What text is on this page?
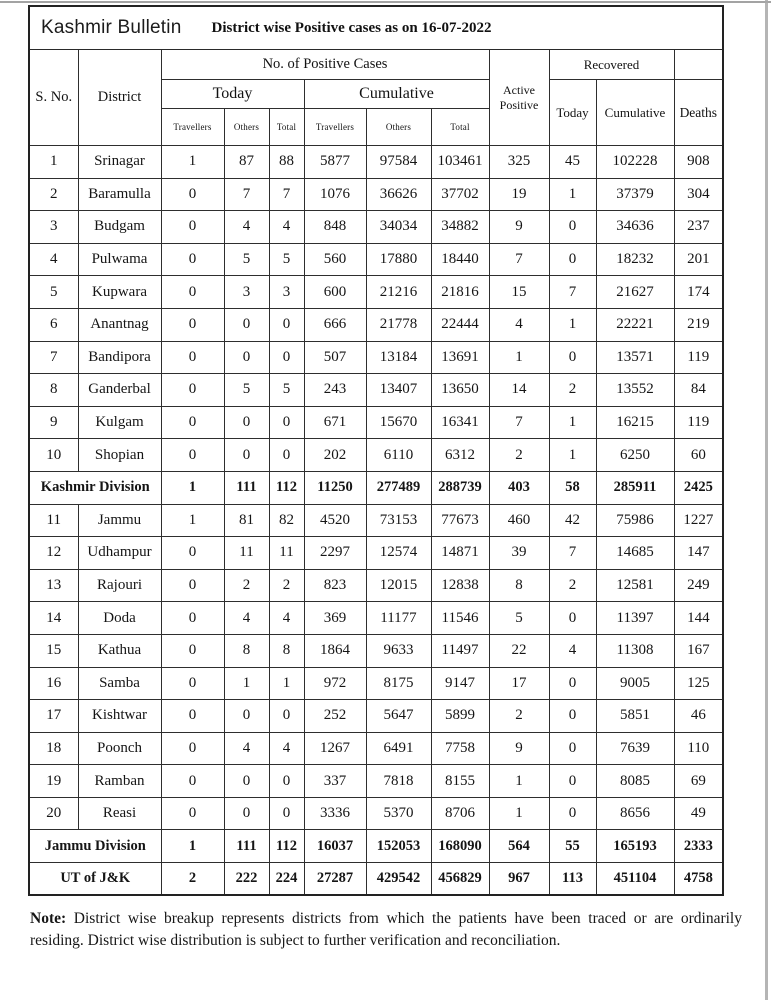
Kashmir Bulletin District wise Positive cases as on 16-07-2022											

S. No.	District	No. of Positive Cases						Active Positive	Recovered		
		Today			Cumulative				Today	Cumulative	Deaths
		Travellers	Others	Total	Travellers	Others	Total				
1	Srinagar	1	87	88	5877	97584	103461	325	45	102228	908
2	Baramulla	0	7	7	1076	36626	37702	19	1	37379	304
3	Budgam	0	4	4	848	34034	34882	9	0	34636	237
4	Pulwama	0	5	5	560	17880	18440	7	0	18232	201
5	Kupwara	0	3	3	600	21216	21816	15	7	21627	174
6	Anantnag	0	0	0	666	21778	22444	4	1	22221	219
7	Bandipora	0	0	0	507	13184	13691	1	0	13571	119
8	Ganderbal	0	5	5	243	13407	13650	14	2	13552	84
9	Kulgam	0	0	0	671	15670	16341	7	1	16215	119
10	Shopian	0	0	0	202	6110	6312	2	1	6250	60
Kashmir Division		1	111	112	11250	277489	288739	403	58	285911	2425
11	Jammu	1	81	82	4520	73153	77673	460	42	75986	1227
12	Udhampur	0	11	11	2297	12574	14871	39	7	14685	147
13	Rajouri	0	2	2	823	12015	12838	8	2	12581	249
14	Doda	0	4	4	369	11177	11546	5	0	11397	144
15	Kathua	0	8	8	1864	9633	11497	22	4	11308	167
16	Samba	0	1	1	972	8175	9147	17	0	9005	125
17	Kishtwar	0	0	0	252	5647	5899	2	0	5851	46
18	Poonch	0	4	4	1267	6491	7758	9	0	7639	110
19	Ramban	0	0	0	337	7818	8155	1	0	8085	69
20	Reasi	0	0	0	3336	5370	8706	1	0	8656	49
Jammu Division		1	111	112	16037	152053	168090	564	55	165193	2333
UT of J&K		2	222	224	27287	429542	456829	967	113	451104	4758

Note: District wise breakup represents districts from which the patients have been traced or are ordinarily residing. District wise distribution is subject to further verification and reconciliation.
